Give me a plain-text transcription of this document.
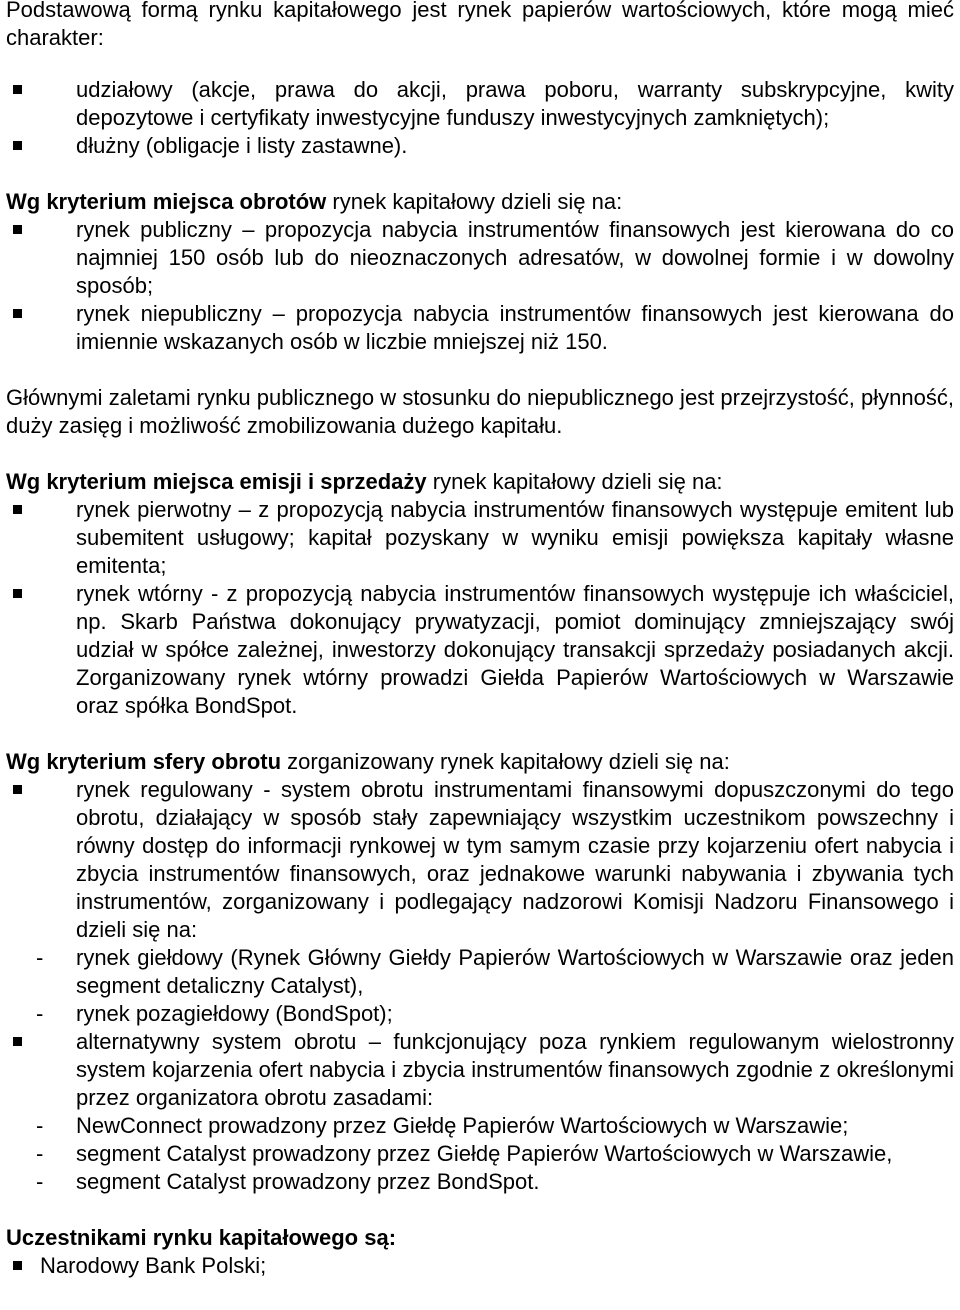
Podstawową formą rynku kapitałowego jest rynek papierów wartościowych, które mogą mieć charakter:

udziałowy (akcje, prawa do akcji, prawa poboru, warranty subskrypcyjne, kwity depozytowe i certyfikaty inwestycyjne funduszy inwestycyjnych zamkniętych);
dłużny (obligacje i listy zastawne).

Wg kryterium miejsca obrotów rynek kapitałowy dzieli się na:

rynek publiczny – propozycja nabycia instrumentów finansowych jest kierowana do co najmniej 150 osób lub do nieoznaczonych adresatów, w dowolnej formie i w dowolny sposób;
rynek niepubliczny – propozycja nabycia instrumentów finansowych jest kierowana do imiennie wskazanych osób w liczbie mniejszej niż 150.

Głównymi zaletami rynku publicznego w stosunku do niepublicznego jest przejrzystość, płynność, duży zasięg i możliwość zmobilizowania dużego kapitału.

Wg kryterium miejsca emisji i sprzedaży rynek kapitałowy dzieli się na:

rynek pierwotny – z propozycją nabycia instrumentów finansowych występuje emitent lub subemitent usługowy; kapitał pozyskany w wyniku emisji powiększa kapitały własne emitenta;
rynek wtórny - z propozycją nabycia instrumentów finansowych występuje ich właściciel, np. Skarb Państwa dokonujący prywatyzacji, pomiot dominujący zmniejszający swój udział w spółce zależnej, inwestorzy dokonujący transakcji sprzedaży posiadanych akcji. Zorganizowany rynek wtórny prowadzi Giełda Papierów Wartościowych w Warszawie oraz spółka BondSpot.

Wg kryterium sfery obrotu zorganizowany rynek kapitałowy dzieli się na:

rynek regulowany - system obrotu instrumentami finansowymi dopuszczonymi do tego obrotu, działający w sposób stały zapewniający wszystkim uczestnikom powszechny i równy dostęp do informacji rynkowej w tym samym czasie przy kojarzeniu ofert nabycia i zbycia instrumentów finansowych, oraz jednakowe warunki nabywania i zbywania tych instrumentów, zorganizowany i podlegający nadzorowi Komisji Nadzoru Finansowego i dzieli się na:
- rynek giełdowy (Rynek Główny Giełdy Papierów Wartościowych w Warszawie oraz jeden segment detaliczny Catalyst),
- rynek pozagiełdowy (BondSpot);
alternatywny system obrotu – funkcjonujący poza rynkiem regulowanym wielostronny system kojarzenia ofert nabycia i zbycia instrumentów finansowych zgodnie z określonymi przez organizatora obrotu zasadami:
- NewConnect prowadzony przez Giełdę Papierów Wartościowych w Warszawie;
- segment Catalyst prowadzony przez Giełdę Papierów Wartościowych w Warszawie,
- segment Catalyst prowadzony przez BondSpot.

Uczestnikami rynku kapitałowego są:

Narodowy Bank Polski;
